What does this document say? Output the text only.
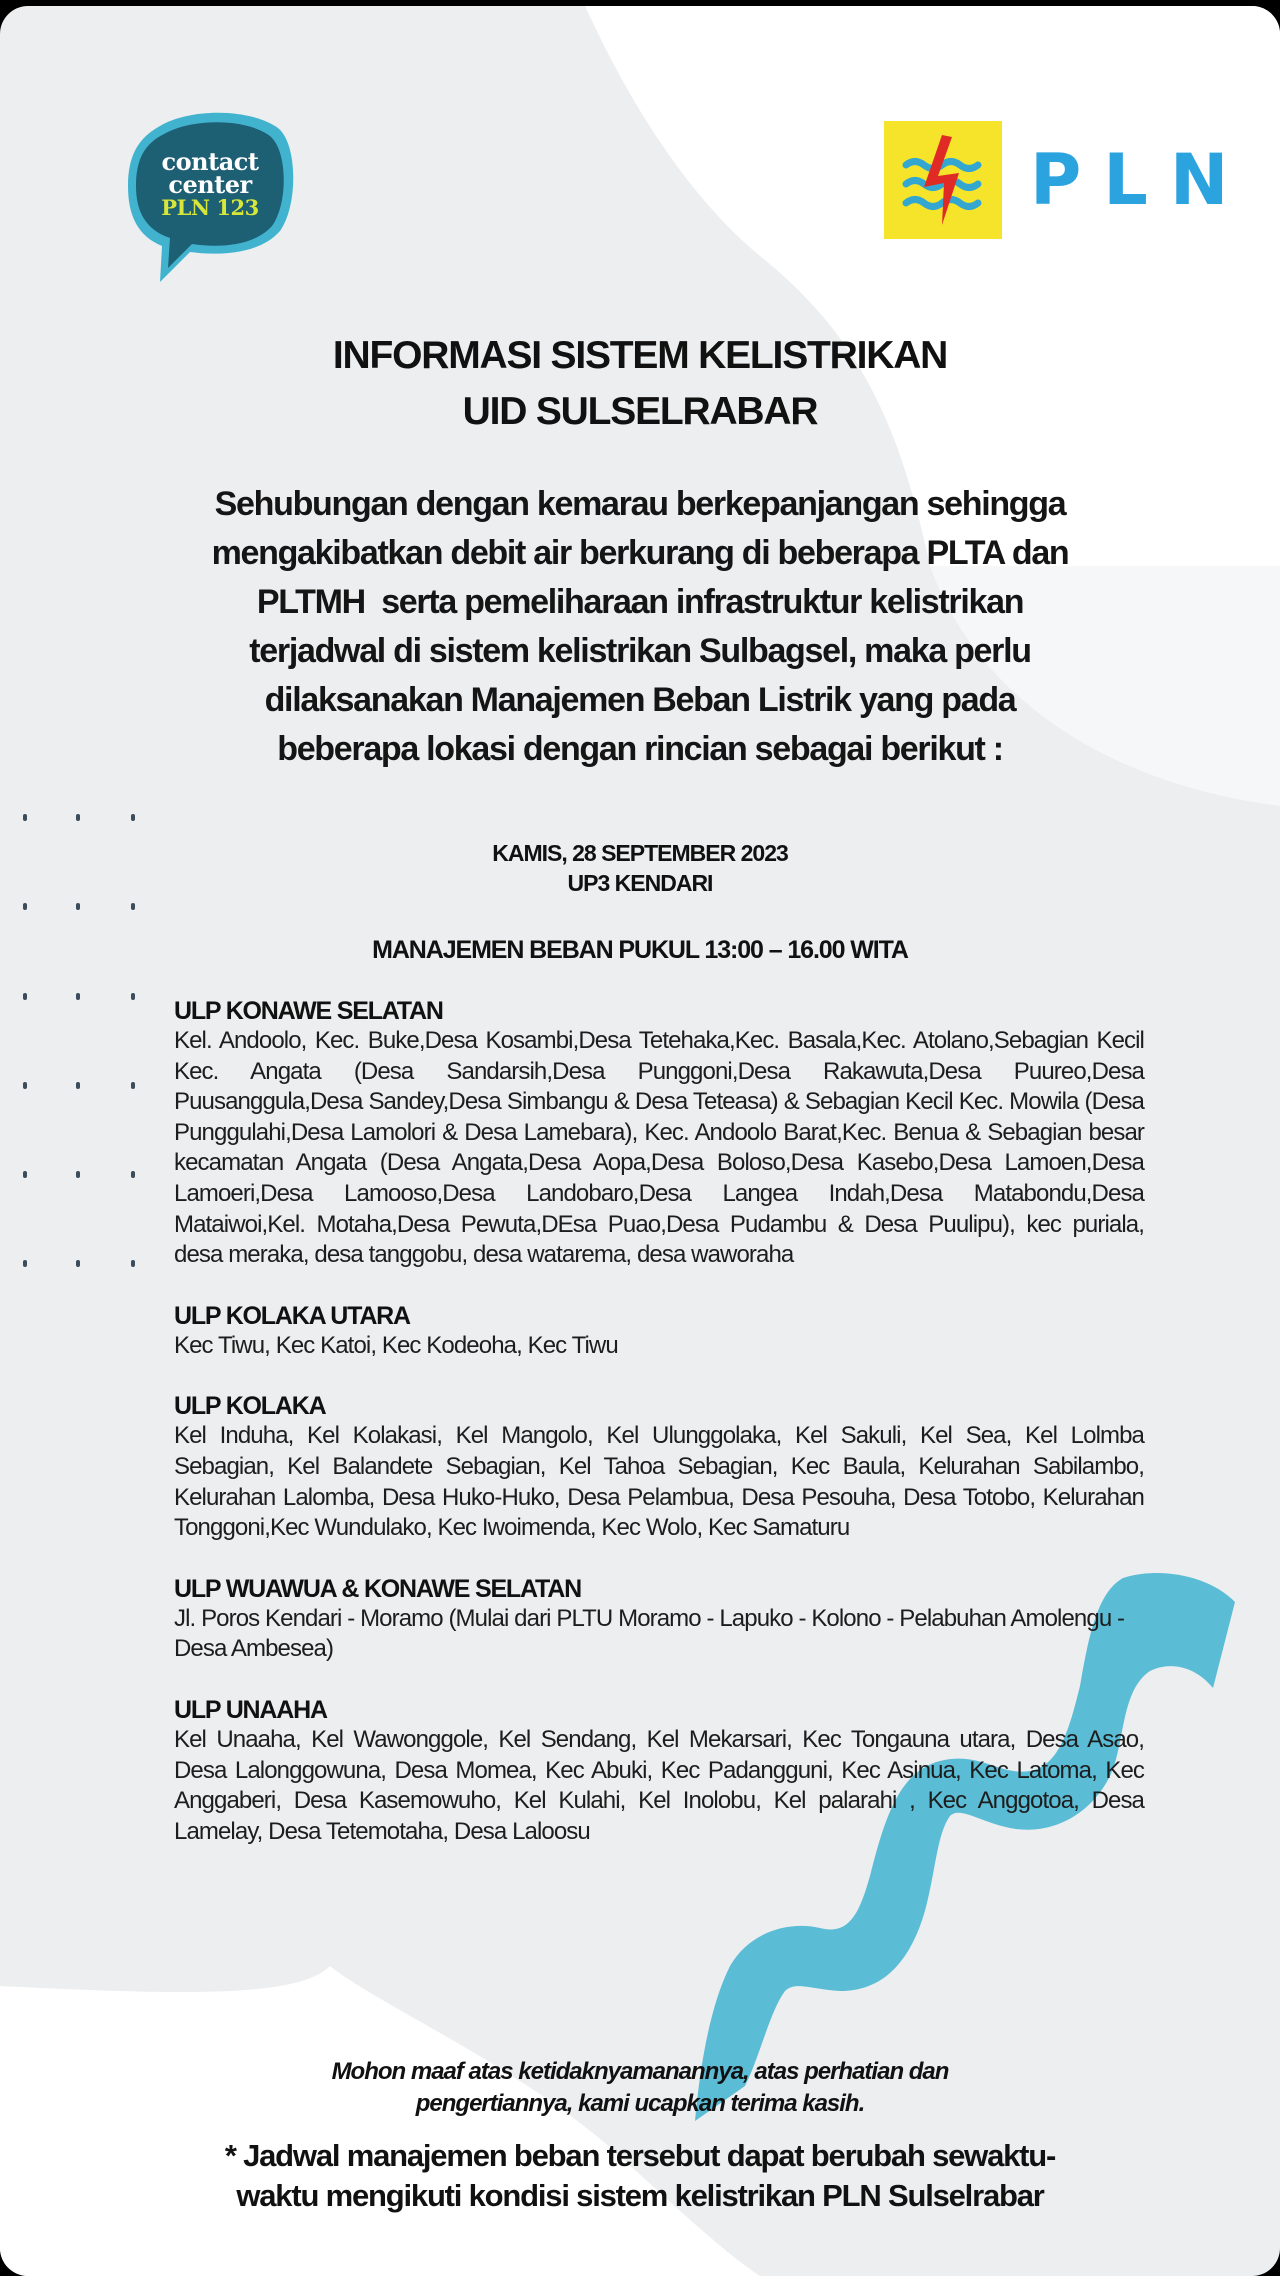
contact
center
PLN 123	PLN
INFORMASI SISTEM KELISTRIKAN
UID SULSELRABAR
Sehubungan dengan kemarau berkepanjangan sehingga
mengakibatkan debit air berkurang di beberapa PLTA dan
PLTMH  serta pemeliharaan infrastruktur kelistrikan
terjadwal di sistem kelistrikan Sulbagsel, maka perlu
dilaksanakan Manajemen Beban Listrik yang pada
beberapa lokasi dengan rincian sebagai berikut :
KAMIS, 28 SEPTEMBER 2023
UP3 KENDARI
MANAJEMEN BEBAN PUKUL 13:00 – 16.00 WITA
ULP KONAWE SELATAN
Kel. Andoolo, Kec. Buke,Desa Kosambi,Desa Tetehaka,Kec. Basala,Kec. Atolano,Sebagian Kecil Kec. Angata (Desa Sandarsih,Desa Punggoni,Desa Rakawuta,Desa Puureo,Desa Puusanggula,Desa Sandey,Desa Simbangu & Desa Teteasa) & Sebagian Kecil Kec. Mowila (Desa Punggulahi,Desa Lamolori & Desa Lamebara), Kec. Andoolo Barat,Kec. Benua & Sebagian besar kecamatan Angata (Desa Angata,Desa Aopa,Desa Boloso,Desa Kasebo,Desa Lamoen,Desa Lamoeri,Desa Lamooso,Desa Landobaro,Desa Langea Indah,Desa Matabondu,Desa Mataiwoi,Kel. Motaha,Desa Pewuta,DEsa Puao,Desa Pudambu & Desa Puulipu), kec puriala, desa meraka, desa tanggobu, desa watarema, desa waworaha
ULP KOLAKA UTARA
Kec Tiwu, Kec Katoi, Kec Kodeoha, Kec Tiwu
ULP KOLAKA
Kel Induha, Kel Kolakasi, Kel Mangolo, Kel Ulunggolaka, Kel Sakuli, Kel Sea, Kel Lolmba Sebagian, Kel Balandete Sebagian, Kel Tahoa Sebagian, Kec Baula, Kelurahan Sabilambo, Kelurahan Lalomba, Desa Huko-Huko, Desa Pelambua, Desa Pesouha, Desa Totobo, Kelurahan Tonggoni,Kec Wundulako, Kec Iwoimenda, Kec Wolo, Kec Samaturu
ULP WUAWUA & KONAWE SELATAN
Jl. Poros Kendari - Moramo (Mulai dari PLTU Moramo - Lapuko - Kolono - Pelabuhan Amolengu - Desa Ambesea)
ULP UNAAHA
Kel Unaaha, Kel Wawonggole, Kel Sendang, Kel Mekarsari, Kec Tongauna utara, Desa Asao, Desa Lalonggowuna, Desa Momea, Kec Abuki, Kec Padangguni, Kec Asinua, Kec Latoma, Kec Anggaberi, Desa Kasemowuho, Kel Kulahi, Kel Inolobu, Kel palarahi , Kec Anggotoa, Desa Lamelay, Desa Tetemotaha, Desa Laloosu
Mohon maaf atas ketidaknyamanannya, atas perhatian dan
pengertiannya, kami ucapkan terima kasih.
* Jadwal manajemen beban tersebut dapat berubah sewaktu-
waktu mengikuti kondisi sistem kelistrikan PLN Sulselrabar
